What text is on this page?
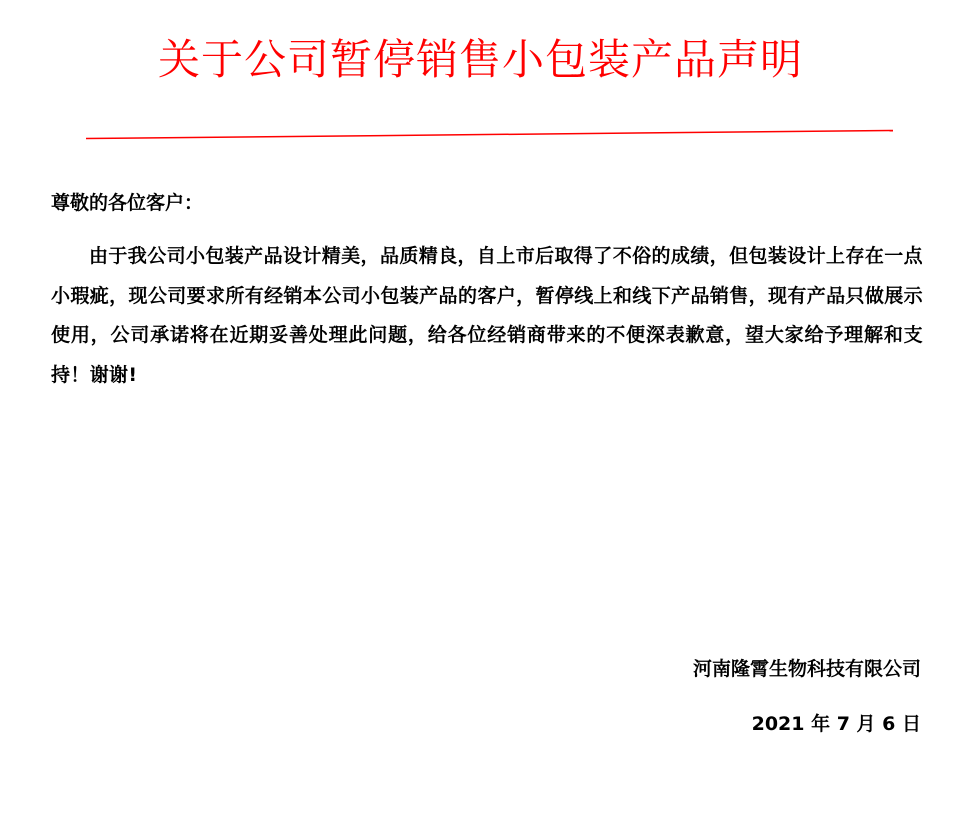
关于公司暂停销售小包装产品声明

尊敬的各位客户：

由于我公司小包装产品设计精美，品质精良，自上市后取得了不俗的成绩，但包装设计上存在一点小瑕疵，现公司要求所有经销本公司小包装产品的客户，暂停线上和线下产品销售，现有产品只做展示使用，公司承诺将在近期妥善处理此问题，给各位经销商带来的不便深表歉意，望大家给予理解和支持！谢谢!

河南隆霄生物科技有限公司

2021 年 7 月 6 日
